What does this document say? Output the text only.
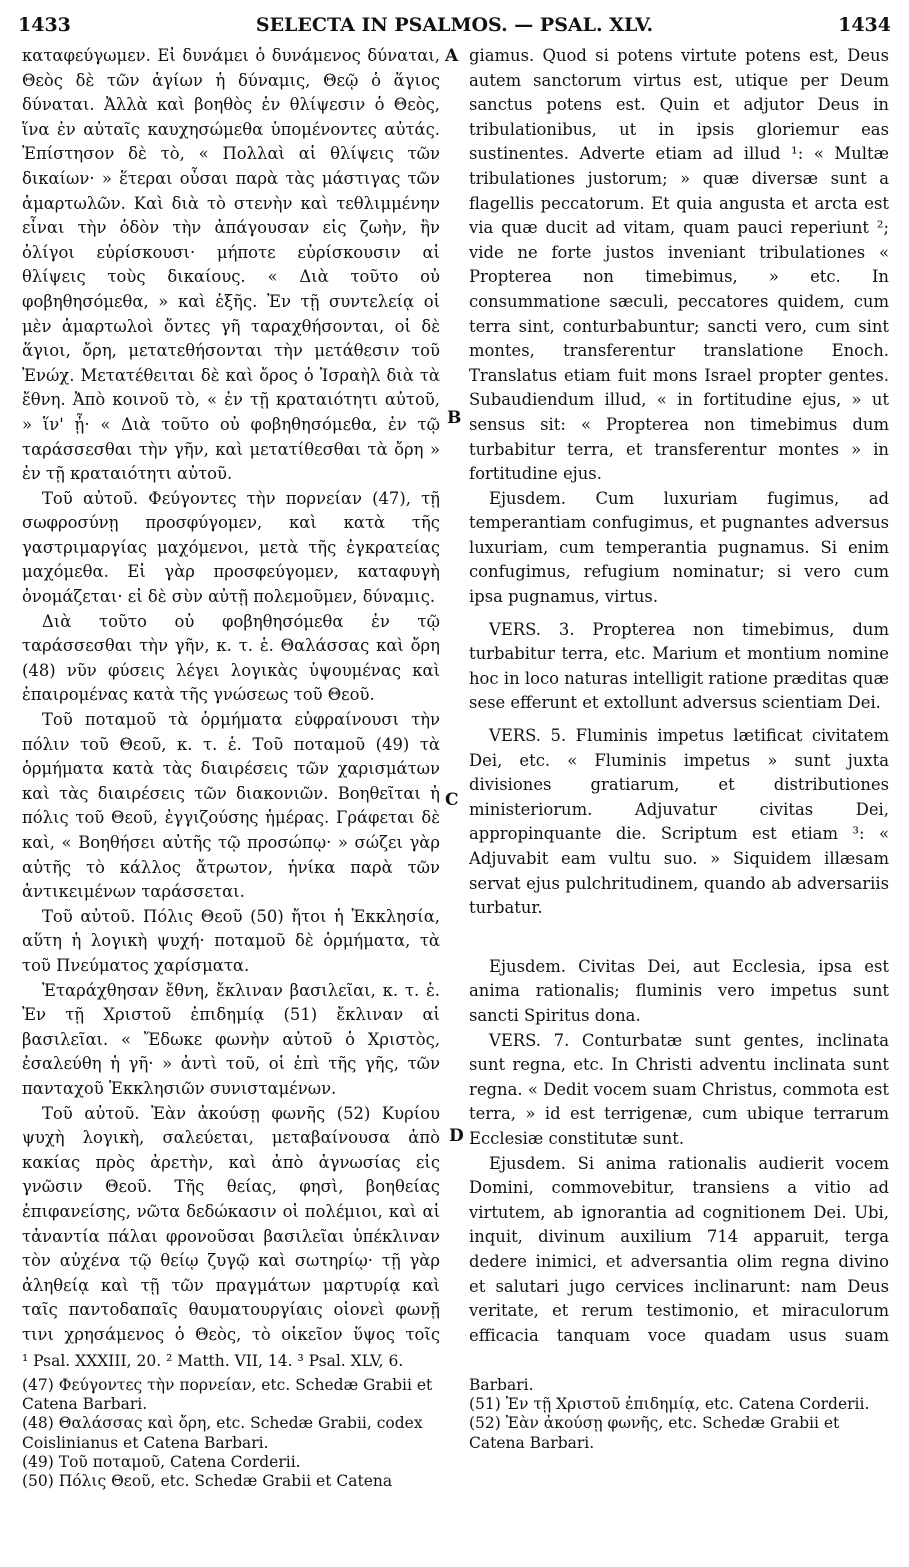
1433	SELECTA IN PSALMOS. — PSAL. XLV.	1434
A
B
C
D

καταφεύγωμεν. Εἰ δυνάμει ὁ δυνάμενος δύναται, Θεὸς δὲ τῶν ἁγίων ἡ δύναμις, Θεῷ ὁ ἅγιος δύναται. Ἀλλὰ καὶ βοηθὸς ἐν θλίψεσιν ὁ Θεὸς, ἵνα ἐν αὐταῖς καυχησώμεθα ὑπομένοντες αὐτάς. Ἐπίστησον δὲ τὸ, « Πολλαὶ αἱ θλίψεις τῶν δικαίων· » ἕτεραι οὖσαι παρὰ τὰς μάστιγας τῶν ἁμαρτωλῶν. Καὶ διὰ τὸ στενὴν καὶ τεθλιμμένην εἶναι τὴν ὁδὸν τὴν ἀπάγουσαν εἰς ζωὴν, ἣν ὀλίγοι εὑρίσκουσι· μήποτε εὑρίσκουσιν αἱ θλίψεις τοὺς δικαίους. « Διὰ τοῦτο οὐ φοβηθησόμεθα, » καὶ ἑξῆς. Ἐν τῇ συντελείᾳ οἱ μὲν ἁμαρτωλοὶ ὄντες γῆ ταραχθήσονται, οἱ δὲ ἅγιοι, ὄρη, μετατεθήσονται τὴν μετάθεσιν τοῦ Ἐνώχ. Μετατέθειται δὲ καὶ ὄρος ὁ Ἰσραὴλ διὰ τὰ ἔθνη. Ἀπὸ κοινοῦ τὸ, « ἐν τῇ κραταιότητι αὐτοῦ, » ἵν' ᾖ· « Διὰ τοῦτο οὐ φοβηθησόμεθα, ἐν τῷ ταράσσεσθαι τὴν γῆν, καὶ μετατίθεσθαι τὰ ὄρη » ἐν τῇ κραταιότητι αὐτοῦ.

Τοῦ αὐτοῦ. Φεύγοντες τὴν πορνείαν (47), τῇ σωφροσύνῃ προσφύγομεν, καὶ κατὰ τῆς γαστριμαργίας μαχόμενοι, μετὰ τῆς ἐγκρατείας μαχόμεθα. Εἰ γὰρ προσφεύγομεν, καταφυγὴ ὀνομάζεται· εἰ δὲ σὺν αὐτῇ πολεμοῦμεν, δύναμις.

Διὰ τοῦτο οὐ φοβηθησόμεθα ἐν τῷ ταράσσεσθαι τὴν γῆν, κ. τ. ἑ. Θαλάσσας καὶ ὄρη (48) νῦν φύσεις λέγει λογικὰς ὑψουμένας καὶ ἐπαιρομένας κατὰ τῆς γνώσεως τοῦ Θεοῦ.

Τοῦ ποταμοῦ τὰ ὁρμήματα εὐφραίνουσι τὴν πόλιν τοῦ Θεοῦ, κ. τ. ἑ. Τοῦ ποταμοῦ (49) τὰ ὁρμήματα κατὰ τὰς διαιρέσεις τῶν χαρισμάτων καὶ τὰς διαιρέσεις τῶν διακονιῶν. Βοηθεῖται ἡ πόλις τοῦ Θεοῦ, ἐγγιζούσης ἡμέρας. Γράφεται δὲ καὶ, « Βοηθήσει αὐτῆς τῷ προσώπῳ· » σώζει γὰρ αὐτῆς τὸ κάλλος ἄτρωτον, ἡνίκα παρὰ τῶν ἀντικειμένων ταράσσεται.

Τοῦ αὐτοῦ. Πόλις Θεοῦ (50) ἤτοι ἡ Ἐκκλησία, αὕτη ἡ λογικὴ ψυχή· ποταμοῦ δὲ ὁρμήματα, τὰ τοῦ Πνεύματος χαρίσματα.

Ἐταράχθησαν ἔθνη, ἔκλιναν βασιλεῖαι, κ. τ. ἑ. Ἐν τῇ Χριστοῦ ἐπιδημίᾳ (51) ἔκλιναν αἱ βασιλεῖαι. « Ἔδωκε φωνὴν αὐτοῦ ὁ Χριστὸς, ἐσαλεύθη ἡ γῆ· » ἀντὶ τοῦ, οἱ ἐπὶ τῆς γῆς, τῶν πανταχοῦ Ἐκκλησιῶν συνισταμένων.

Τοῦ αὐτοῦ. Ἐὰν ἀκούσῃ φωνῆς (52) Κυρίου ψυχὴ λογικὴ, σαλεύεται, μεταβαίνουσα ἀπὸ κακίας πρὸς ἀρετὴν, καὶ ἀπὸ ἀγνωσίας εἰς γνῶσιν Θεοῦ. Τῆς θείας, φησὶ, βοηθείας ἐπιφανείσης, νῶτα δεδώκασιν οἱ πολέμιοι, καὶ αἱ τἀναντία πάλαι φρονοῦσαι βασιλεῖαι ὑπέκλιναν τὸν αὐχένα τῷ θείῳ ζυγῷ καὶ σωτηρίῳ· τῇ γὰρ ἀληθείᾳ καὶ τῇ τῶν πραγμάτων μαρτυρίᾳ καὶ ταῖς παντοδαπαῖς θαυματουργίαις οἱονεὶ φωνῇ τινι χρησάμενος ὁ Θεὸς, τὸ οἰκεῖον ὕψος τοῖς

giamus. Quod si potens virtute potens est, Deus autem sanctorum virtus est, utique per Deum sanctus potens est. Quin et adjutor Deus in tribulationibus, ut in ipsis gloriemur eas sustinentes. Adverte etiam ad illud ¹: « Multæ tribulationes justorum; » quæ diversæ sunt a flagellis peccatorum. Et quia angusta et arcta est via quæ ducit ad vitam, quam pauci reperiunt ²; vide ne forte justos inveniant tribulationes « Propterea non timebimus, » etc. In consummatione sæculi, peccatores quidem, cum terra sint, conturbabuntur; sancti vero, cum sint montes, transferentur translatione Enoch. Translatus etiam fuit mons Israel propter gentes. Subaudiendum illud, « in fortitudine ejus, » ut sensus sit: « Propterea non timebimus dum turbabitur terra, et transferentur montes » in fortitudine ejus.

Ejusdem. Cum luxuriam fugimus, ad temperantiam confugimus, et pugnantes adversus luxuriam, cum temperantia pugnamus. Si enim confugimus, refugium nominatur; si vero cum ipsa pugnamus, virtus.

VERS. 3. Propterea non timebimus, dum turbabitur terra, etc. Marium et montium nomine hoc in loco naturas intelligit ratione præditas quæ sese efferunt et extollunt adversus scientiam Dei.

VERS. 5. Fluminis impetus lætificat civitatem Dei, etc. « Fluminis impetus » sunt juxta divisiones gratiarum, et distributiones ministeriorum. Adjuvatur civitas Dei, appropinquante die. Scriptum est etiam ³: « Adjuvabit eam vultu suo. » Siquidem illæsam servat ejus pulchritudinem, quando ab adversariis turbatur.

Ejusdem. Civitas Dei, aut Ecclesia, ipsa est anima rationalis; fluminis vero impetus sunt sancti Spiritus dona.

VERS. 7. Conturbatæ sunt gentes, inclinata sunt regna, etc. In Christi adventu inclinata sunt regna. « Dedit vocem suam Christus, commota est terra, » id est terrigenæ, cum ubique terrarum Ecclesiæ constitutæ sunt.

Ejusdem. Si anima rationalis audierit vocem Domini, commovebitur, transiens a vitio ad virtutem, ab ignorantia ad cognitionem Dei. Ubi, inquit, divinum auxilium 714 apparuit, terga dedere inimici, et adversantia olim regna divino et salutari jugo cervices inclinarunt: nam Deus veritate, et rerum testimonio, et miraculorum efficacia tanquam voce quadam usus suam

¹ Psal. XXXIII, 20. ² Matth. VII, 14. ³ Psal. XLV, 6.

(47) Φεύγοντες τὴν πορνείαν, etc. Schedæ Grabii et Catena Barbari.

(48) Θαλάσσας καὶ ὄρη, etc. Schedæ Grabii, codex Coislinianus et Catena Barbari.

(49) Τοῦ ποταμοῦ, Catena Corderii.

(50) Πόλις Θεοῦ, etc. Schedæ Grabii et Catena

Barbari.

(51) Ἐν τῇ Χριστοῦ ἐπιδημίᾳ, etc. Catena Corderii.

(52) Ἐὰν ἀκούσῃ φωνῆς, etc. Schedæ Grabii et Catena Barbari.
